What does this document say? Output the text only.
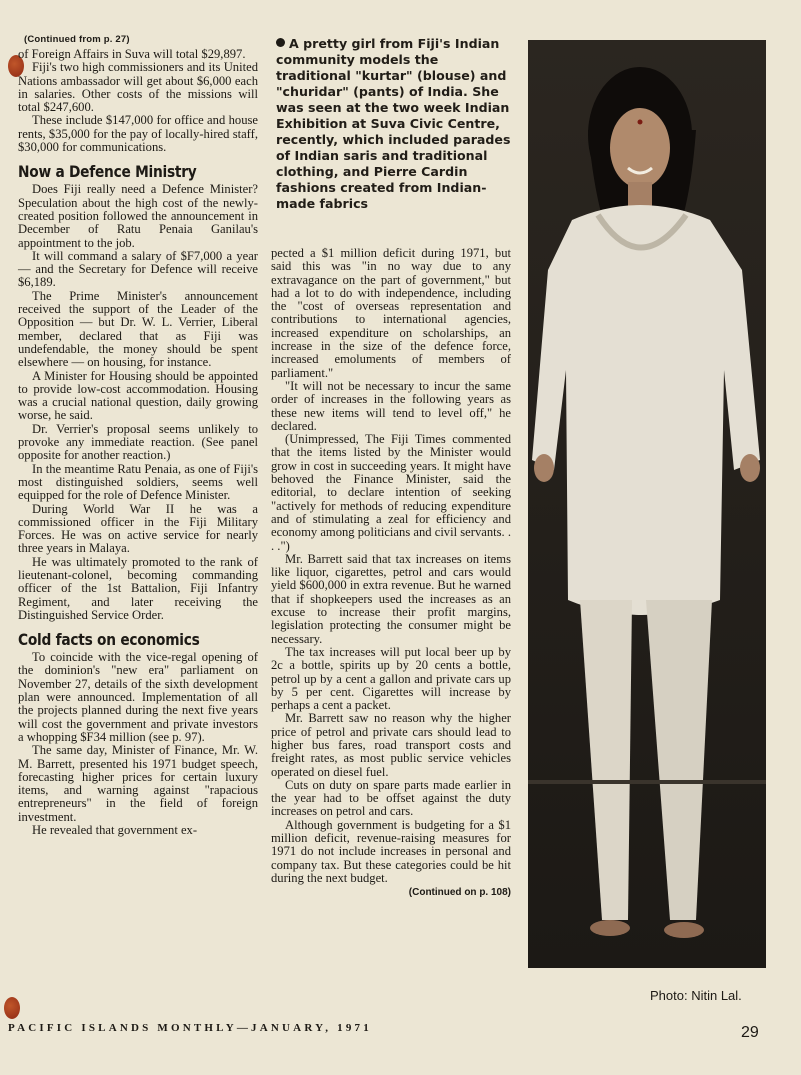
(Continued from p. 27)

of Foreign Affairs in Suva will total $29,897.

Fiji's two high commissioners and its United Nations ambassador will get about $6,000 each in salaries. Other costs of the missions will total $247,600.

These include $147,000 for office and house rents, $35,000 for the pay of locally-hired staff, $30,000 for communications.

Now a Defence Ministry

Does Fiji really need a Defence Minister? Speculation about the high cost of the newly-created position followed the announcement in December of Ratu Penaia Ganilau's appointment to the job.

It will command a salary of $F7,000 a year — and the Secretary for Defence will receive $6,189.

The Prime Minister's announcement received the support of the Leader of the Opposition — but Dr. W. L. Verrier, Liberal member, declared that as Fiji was undefendable, the money should be spent elsewhere — on housing, for instance.

A Minister for Housing should be appointed to provide low-cost accommodation. Housing was a crucial national question, daily growing worse, he said.

Dr. Verrier's proposal seems unlikely to provoke any immediate reaction. (See panel opposite for another reaction.)

In the meantime Ratu Penaia, as one of Fiji's most distinguished soldiers, seems well equipped for the role of Defence Minister.

During World War II he was a commissioned officer in the Fiji Military Forces. He was on active service for nearly three years in Malaya.

He was ultimately promoted to the rank of lieutenant-colonel, becoming commanding officer of the 1st Battalion, Fiji Infantry Regiment, and later receiving the Distinguished Service Order.

Cold facts on economics

To coincide with the vice-regal opening of the dominion's "new era" parliament on November 27, details of the sixth development plan were announced. Implementation of all the projects planned during the next five years will cost the government and private investors a whopping $F34 million (see p. 97).

The same day, Minister of Finance, Mr. W. M. Barrett, presented his 1971 budget speech, forecasting higher prices for certain luxury items, and warning against "rapacious entrepreneurs" in the field of foreign investment.

He revealed that government ex-

A pretty girl from Fiji's Indian community models the traditional "kurtar" (blouse) and "churidar" (pants) of India. She was seen at the two week Indian Exhibition at Suva Civic Centre, recently, which included parades of Indian saris and traditional clothing, and Pierre Cardin fashions created from Indian-made fabrics

pected a $1 million deficit during 1971, but said this was "in no way due to any extravagance on the part of government," but had a lot to do with independence, including the "cost of overseas representation and contributions to international agencies, increased expenditure on scholarships, an increase in the size of the defence force, increased emoluments of members of parliament."

"It will not be necessary to incur the same order of increases in the following years as these new items will tend to level off," he declared.

(Unimpressed, The Fiji Times commented that the items listed by the Minister would grow in cost in succeeding years. It might have behoved the Finance Minister, said the editorial, to declare intention of seeking "actively for methods of reducing expenditure and of stimulating a zeal for efficiency and economy among politicians and civil servants. . . .")

Mr. Barrett said that tax increases on items like liquor, cigarettes, petrol and cars would yield $600,000 in extra revenue. But he warned that if shopkeepers used the increases as an excuse to increase their profit margins, legislation protecting the consumer might be necessary.

The tax increases will put local beer up by 2c a bottle, spirits up by 20 cents a bottle, petrol up by a cent a gallon and private cars up by 5 per cent. Cigarettes will increase by perhaps a cent a packet.

Mr. Barrett saw no reason why the higher price of petrol and private cars should lead to higher bus fares, road transport costs and freight rates, as most public service vehicles operated on diesel fuel.

Cuts on duty on spare parts made earlier in the year had to be offset against the duty increases on petrol and cars.

Although government is budgeting for a $1 million deficit, revenue-raising measures for 1971 do not include increases in personal and company tax. But these categories could be hit during the next budget.

(Continued on p. 108)
Photo: Nitin Lal.
PACIFIC ISLANDS MONTHLY—JANUARY, 1971	29
